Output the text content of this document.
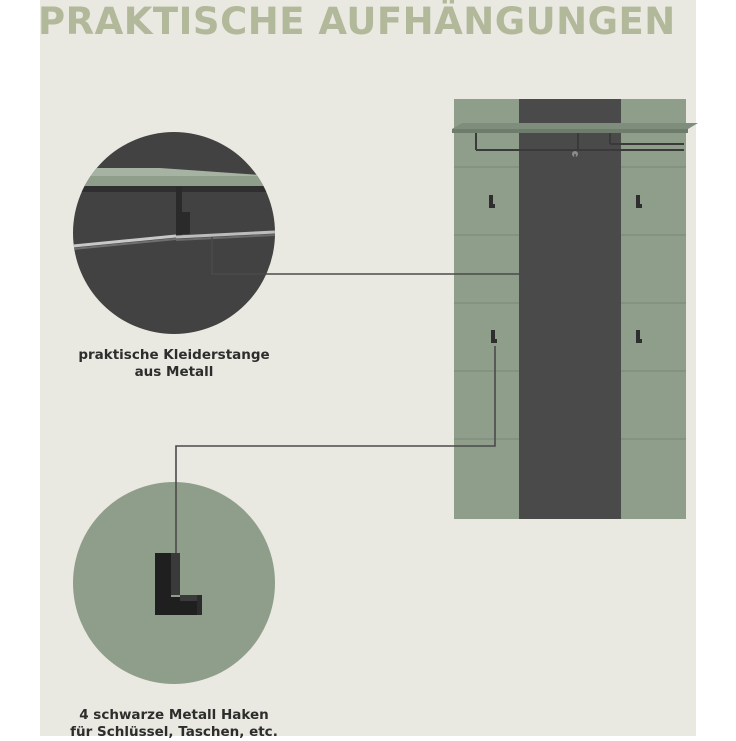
PRAKTISCHE AUFHÄNGUNGEN
praktische Kleiderstange
aus Metall
4 schwarze Metall Haken
für Schlüssel, Taschen, etc.
